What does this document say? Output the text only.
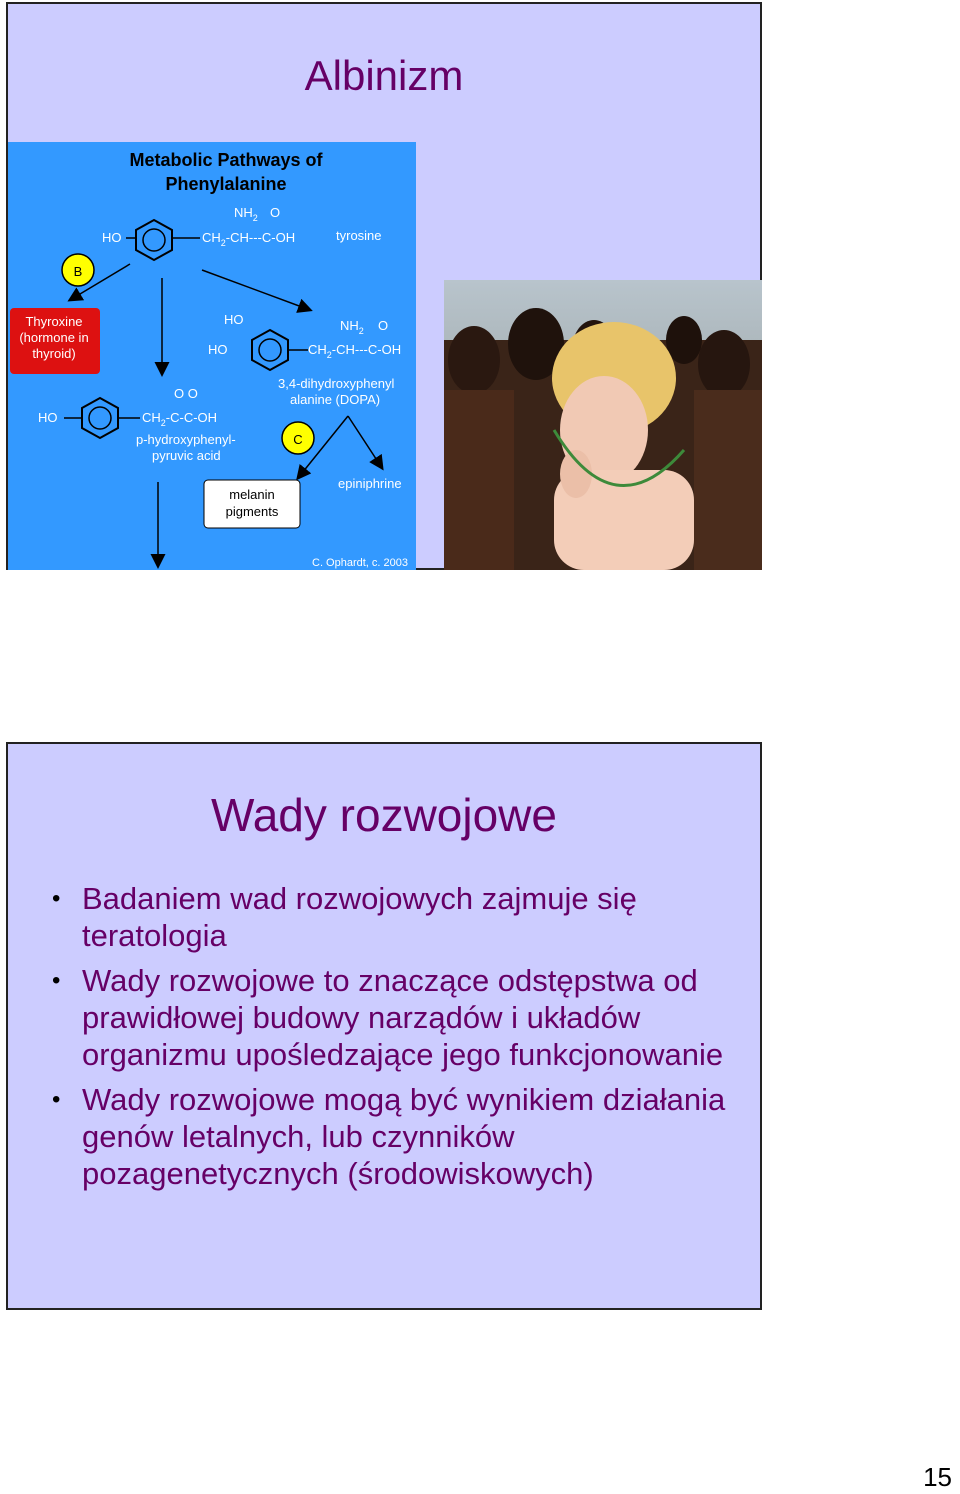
Albinizm
Metabolic Pathways of
Phenylalanine
HO
$NH_2$ O
$CH_2-CH---C-OH$	tyrosine
B
Thyroxine
(hormone in
thyroid)
HO
HO
$NH_2$ O
$CH_2-CH---C-OH$
3,4-dihydroxyphenyl
alanine (DOPA)
HO
O O
$CH_2-C-C-OH$
p-hydroxyphenyl-
pyruvic acid
C
melanin
pigments
epiniphrine
C. Ophardt, c. 2003
Wady rozwojowe
• Badaniem wad rozwojowych zajmuje się teratologia
• Wady rozwojowe to znaczące odstępstwa od prawidłowej budowy narządów i układów organizmu upośledzające jego funkcjonowanie
• Wady rozwojowe mogą być wynikiem działania genów letalnych, lub czynników pozagenetycznych (środowiskowych)
15
